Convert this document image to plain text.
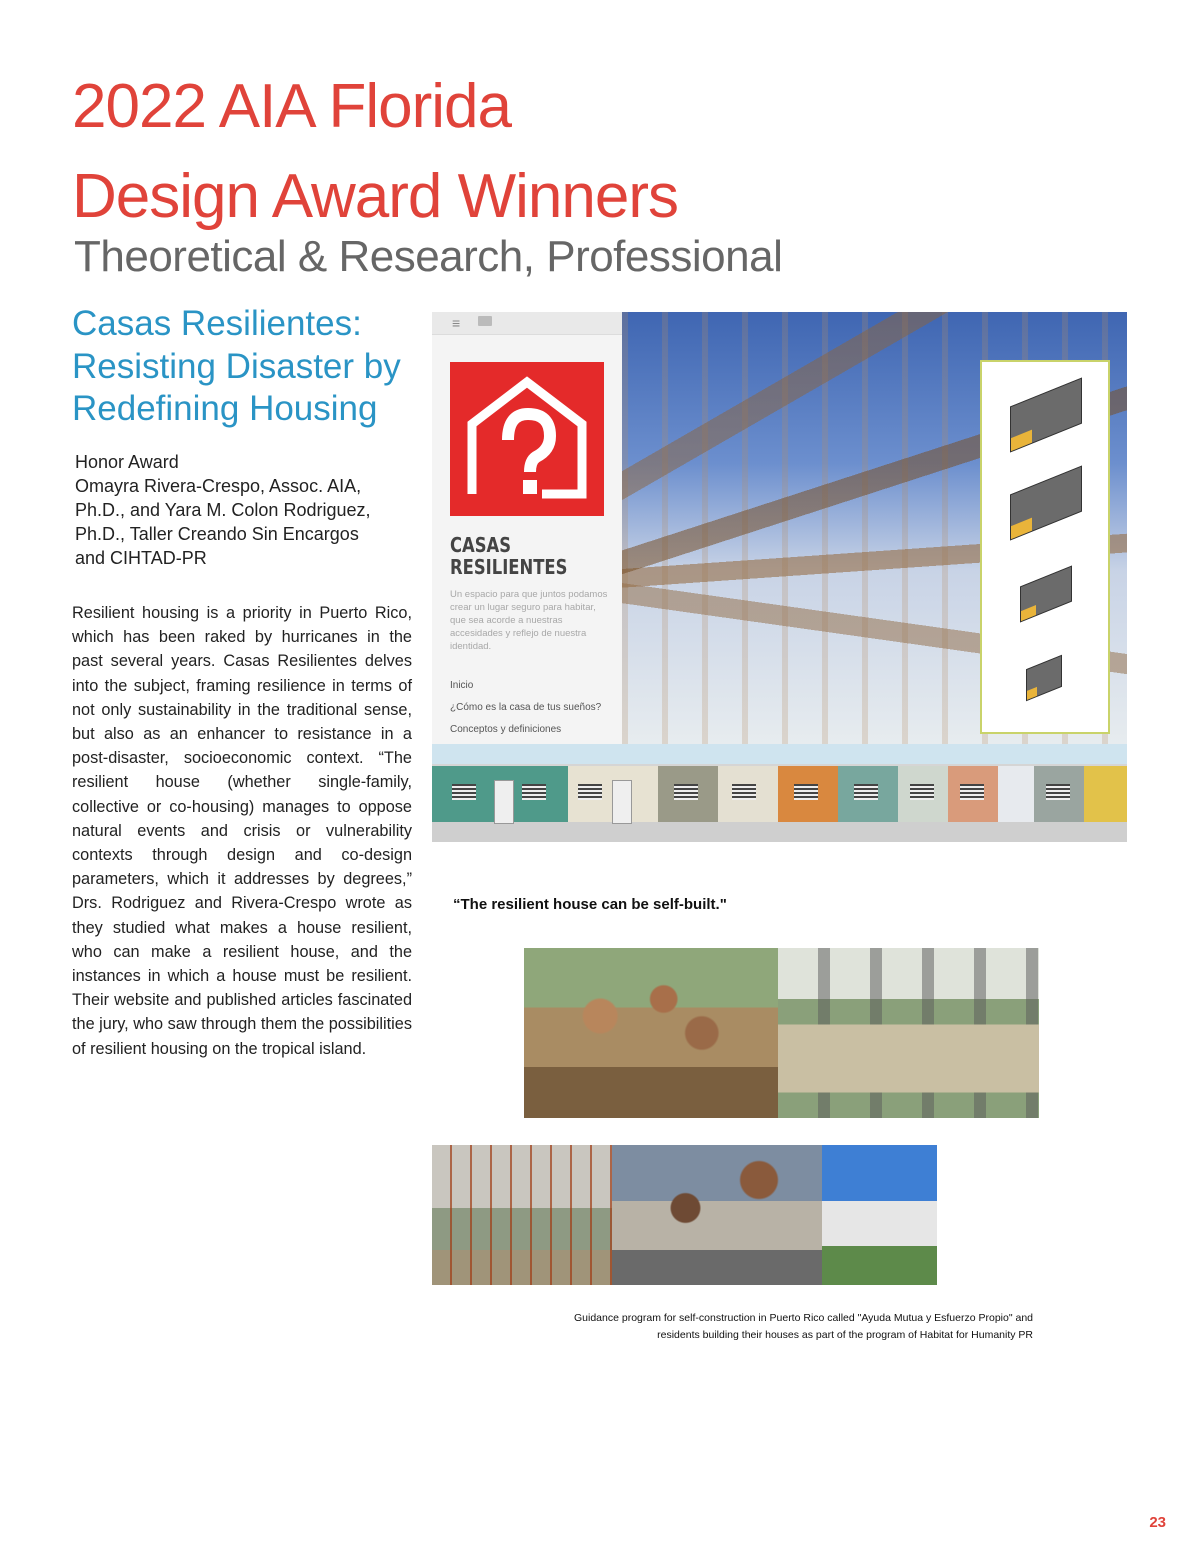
2022 AIA Florida
Design Award Winners
Theoretical & Research, Professional
Casas Resilientes:
Resisting Disaster by
Redefining Housing
Honor Award
Omayra Rivera-Crespo, Assoc. AIA,
Ph.D., and Yara M. Colon Rodriguez,
Ph.D., Taller Creando Sin Encargos
and CIHTAD-PR

Resilient housing is a priority in Puerto Rico, which has been raked by hurricanes in the past several years. Casas Resilientes delves into the subject, framing resilience in terms of not only sustainability in the traditional sense, but also as an enhancer to resistance in a post-disaster, socioeconomic context. “The resilient house (whether single-family, collective or co-housing) manages to oppose natural events and crisis or vulnerability contexts through design and co-design parameters, which it addresses by degrees,” Drs. Rodriguez and Rivera-Crespo wrote as they studied what makes a house resilient, who can make a resilient house, and the instances in which a house must be resilient. Their website and published articles fascinated the jury, who saw through them the possibilities of resilient housing on the tropical island.

≡
CASAS
RESILIENTES
Un espacio para que juntos podamos crear un lugar seguro para habitar, que sea acorde a nuestras accesidades y reflejo de nuestra identidad.
Inicio
¿Cómo es la casa de tus sueños?
Conceptos y definiciones
“The resilient house can be self-built."
Guidance program for self-construction in Puerto Rico called "Ayuda Mutua y Esfuerzo Propio" and
residents building their houses as part of the program of Habitat for Humanity PR
23
